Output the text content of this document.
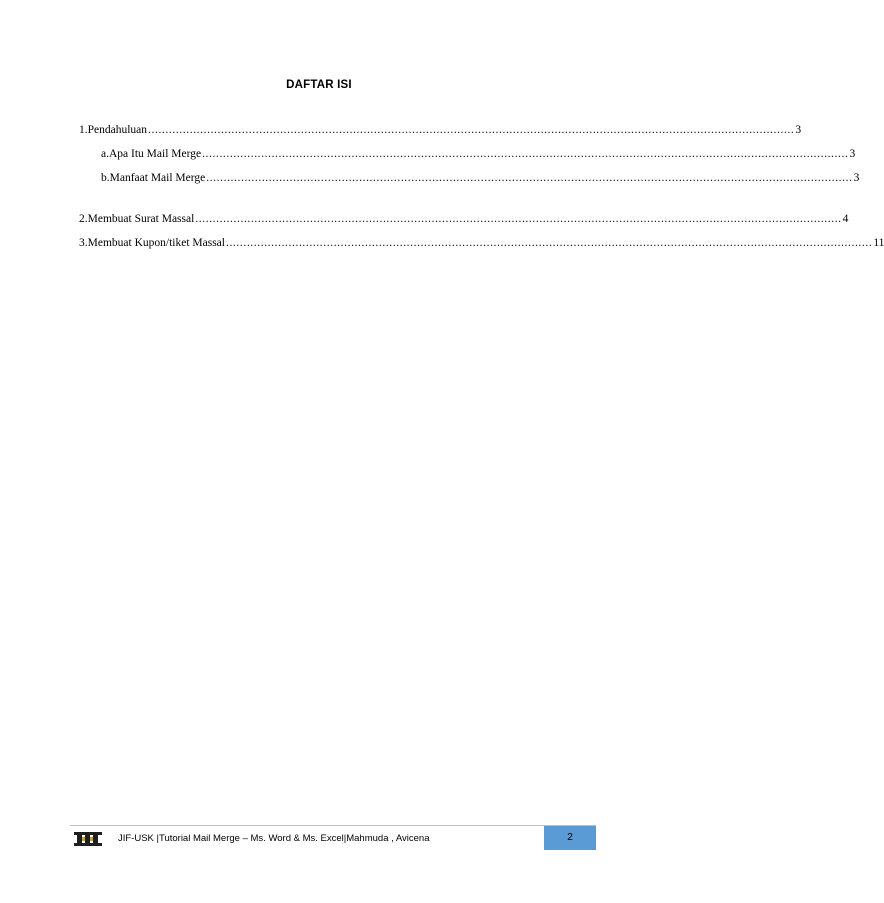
DAFTAR ISI
1. Pendahuluan .......................................................................................................................................................................................... 3
a. Apa Itu Mail Merge .......................................................................................................................................................................................... 3
b. Manfaat Mail Merge .......................................................................................................................................................................................... 3
2. Membuat Surat Massal .......................................................................................................................................................................................... 4
3. Membuat Kupon/tiket Massal .......................................................................................................................................................................................... 11
JIF-USK |Tutorial Mail Merge – Ms. Word & Ms. Excel|Mahmuda , Avicena	2
